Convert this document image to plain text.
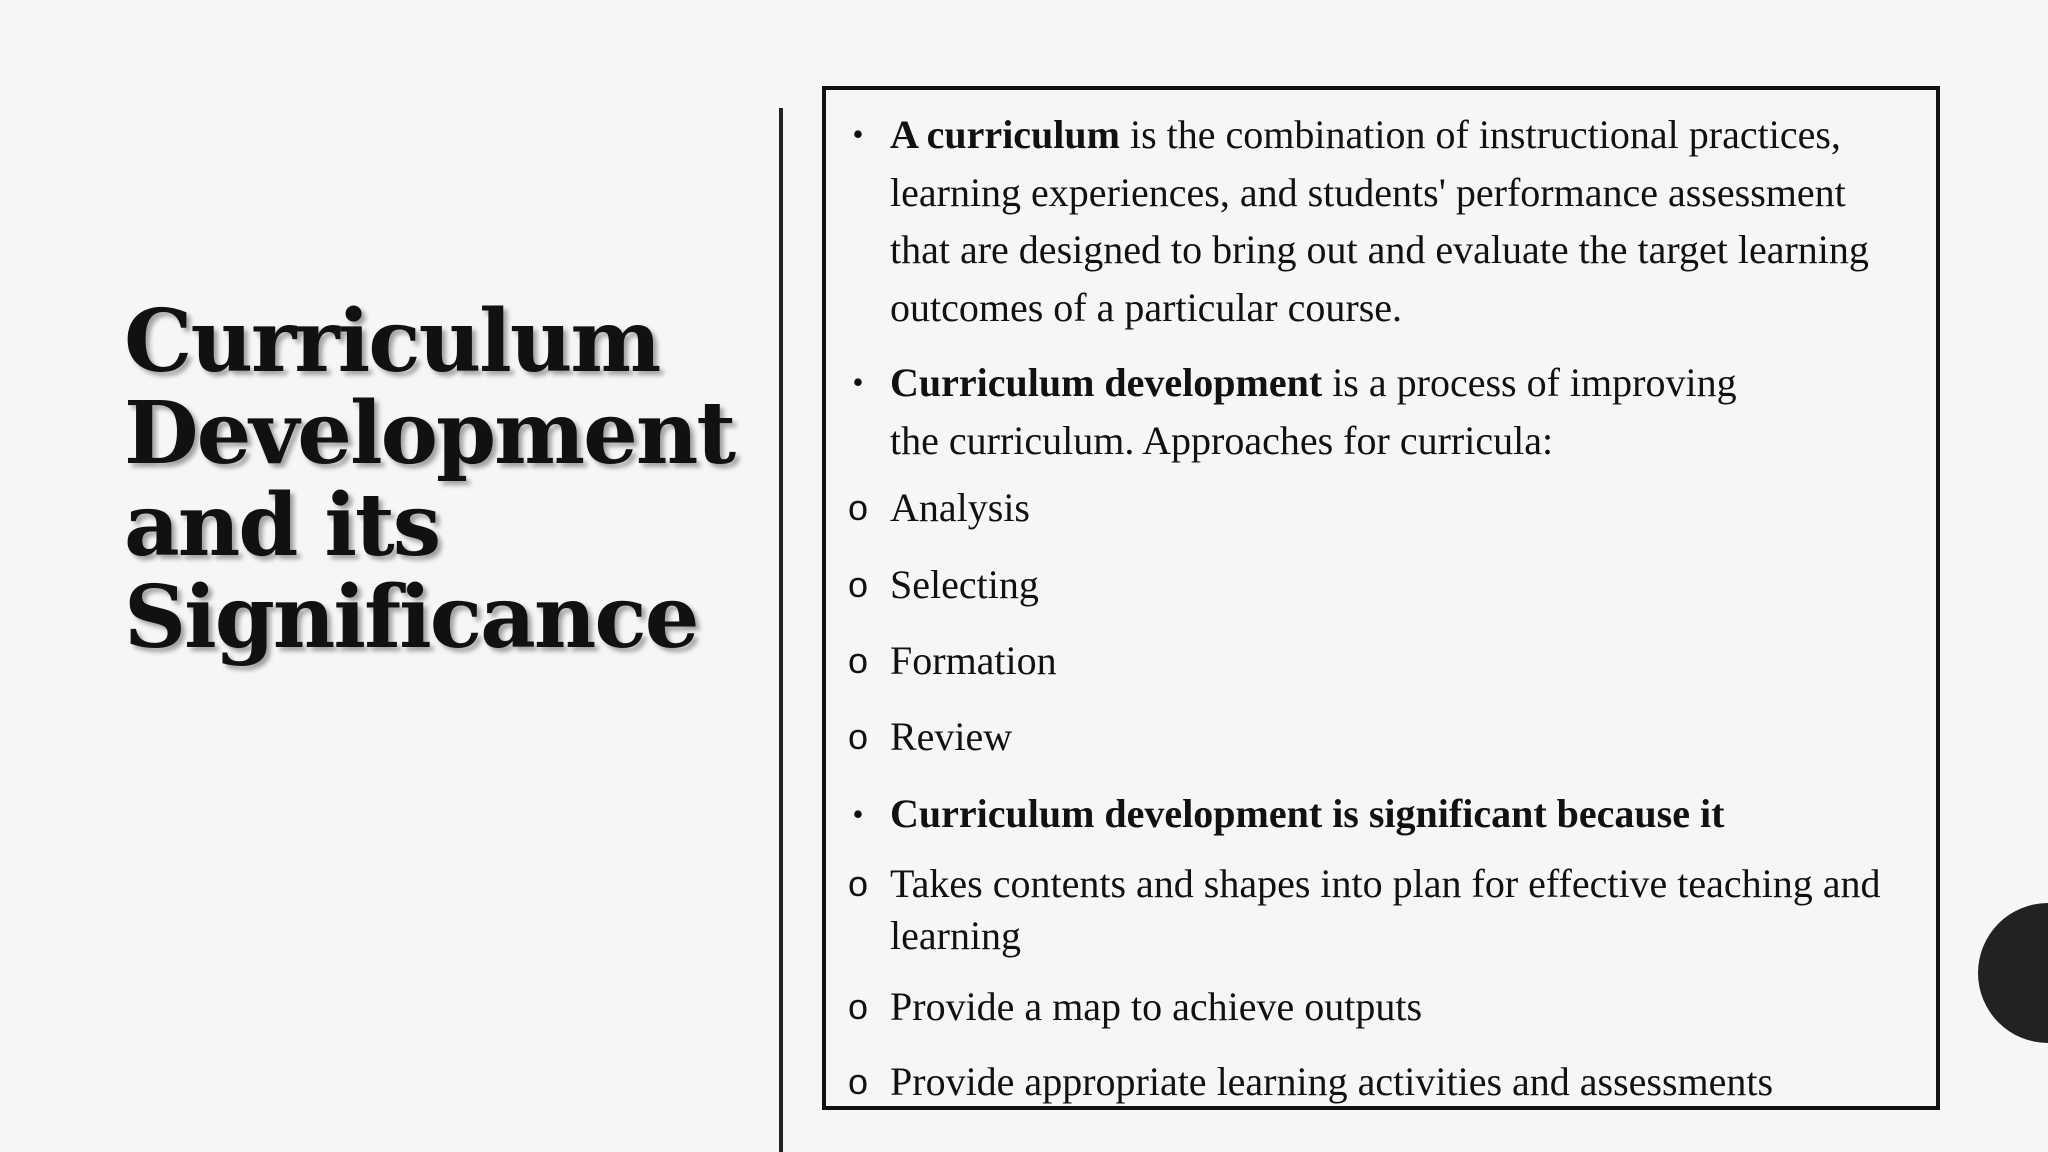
Curriculum
Development
and its
Significance
• A curriculum is the combination of instructional practices, learning experiences, and students' performance assessment that are designed to bring out and evaluate the target learning outcomes of a particular course.
• Curriculum development is a process of improving
the curriculum. Approaches for curricula:
o Analysis
o Selecting
o Formation
o Review
• Curriculum development is significant because it
o Takes contents and shapes into plan for effective teaching and learning
o Provide a map to achieve outputs
o Provide appropriate learning activities and assessments
